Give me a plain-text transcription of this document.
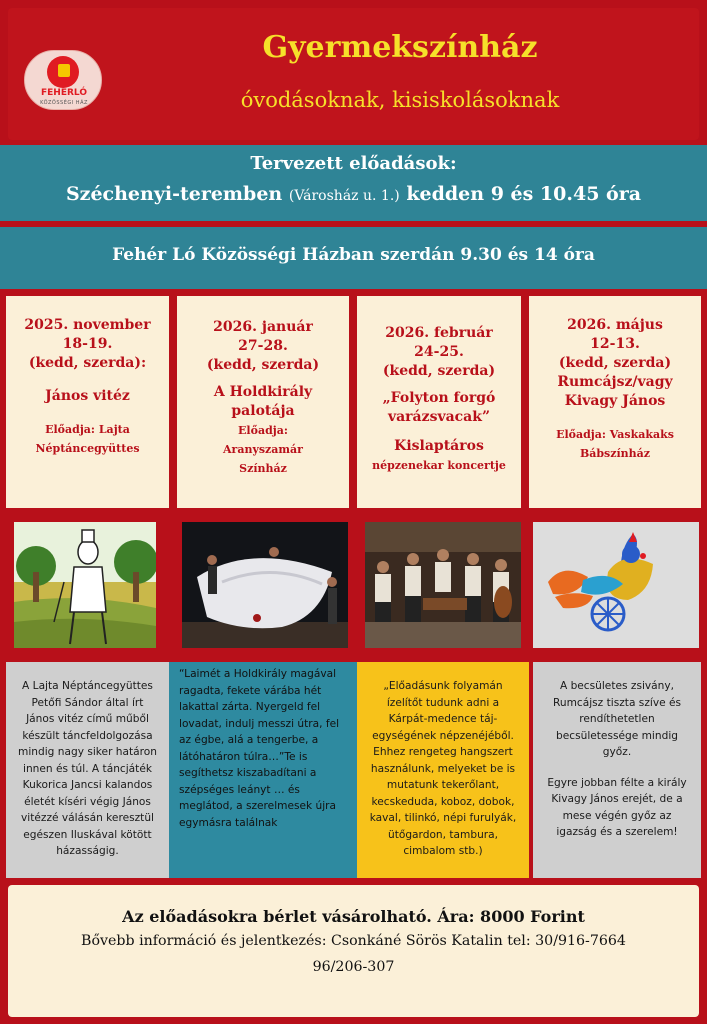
FEHÉRLÓ
KÖZÖSSÉGI HÁZ
Gyermekszínház
óvodásoknak, kisiskolásoknak
Tervezett előadások:
Széchenyi-teremben (Városház u. 1.) kedden 9 és 10.45 óra
Fehér Ló Közösségi Házban szerdán 9.30 és 14 óra

2025. november

18-19.

(kedd, szerda):

János vitéz

Előadja: Lajta

Néptáncegyüttes

2026. január

27-28.

(kedd, szerda)

A Holdkirály

palotája

Előadja:

Aranyszamár

Színház

2026. február

24-25.

(kedd, szerda)

„Folyton forgó

varázsvacak”

Kislaptáros

népzenekar koncertje

2026. május

12-13.

(kedd, szerda)

Rumcájsz/vagy

Kivagy János

Előadja: Vaskakaks

Bábszínház

A Lajta Néptáncegyüttes Petőfi Sándor által írt János vitéz című műből készült táncfeldolgozása mindig nagy siker határon innen és túl. A táncjáték Kukorica Jancsi kalandos életét kíséri végig János vitézzé válásán keresztül egészen Iluskával kötött házasságig.

“Laimét a Holdkirály magával ragadta, fekete várába hét lakattal zárta. Nyergeld fel lovadat, indulj messzi útra, fel az égbe, alá a tengerbe, a látóhatáron túlra…”Te is segíthetsz kiszabadítani a szépséges leányt … és meglátod, a szerelmesek újra egymásra találnak

„Előadásunk folyamán ízelítőt tudunk adni a Kárpát-medence táj-egységének népzenéjéből. Ehhez rengeteg hangszert használunk, melyeket be is mutatunk tekerőlant, kecskeduda, koboz, dobok, kaval, tilinkó, népi furulyák, ütőgardon, tambura, cimbalom stb.)

A becsületes zsivány, Rumcájsz tiszta szíve és rendíthetetlen becsületessége mindig győz.

Egyre jobban félte a király Kivagy János erejét, de a mese végén győz az igazság és a szerelem!

Az előadásokra bérlet vásárolható. Ára: 8000 Forint
Bővebb információ és jelentkezés: Csonkáné Sörös Katalin tel: 30/916-7664
96/206-307
